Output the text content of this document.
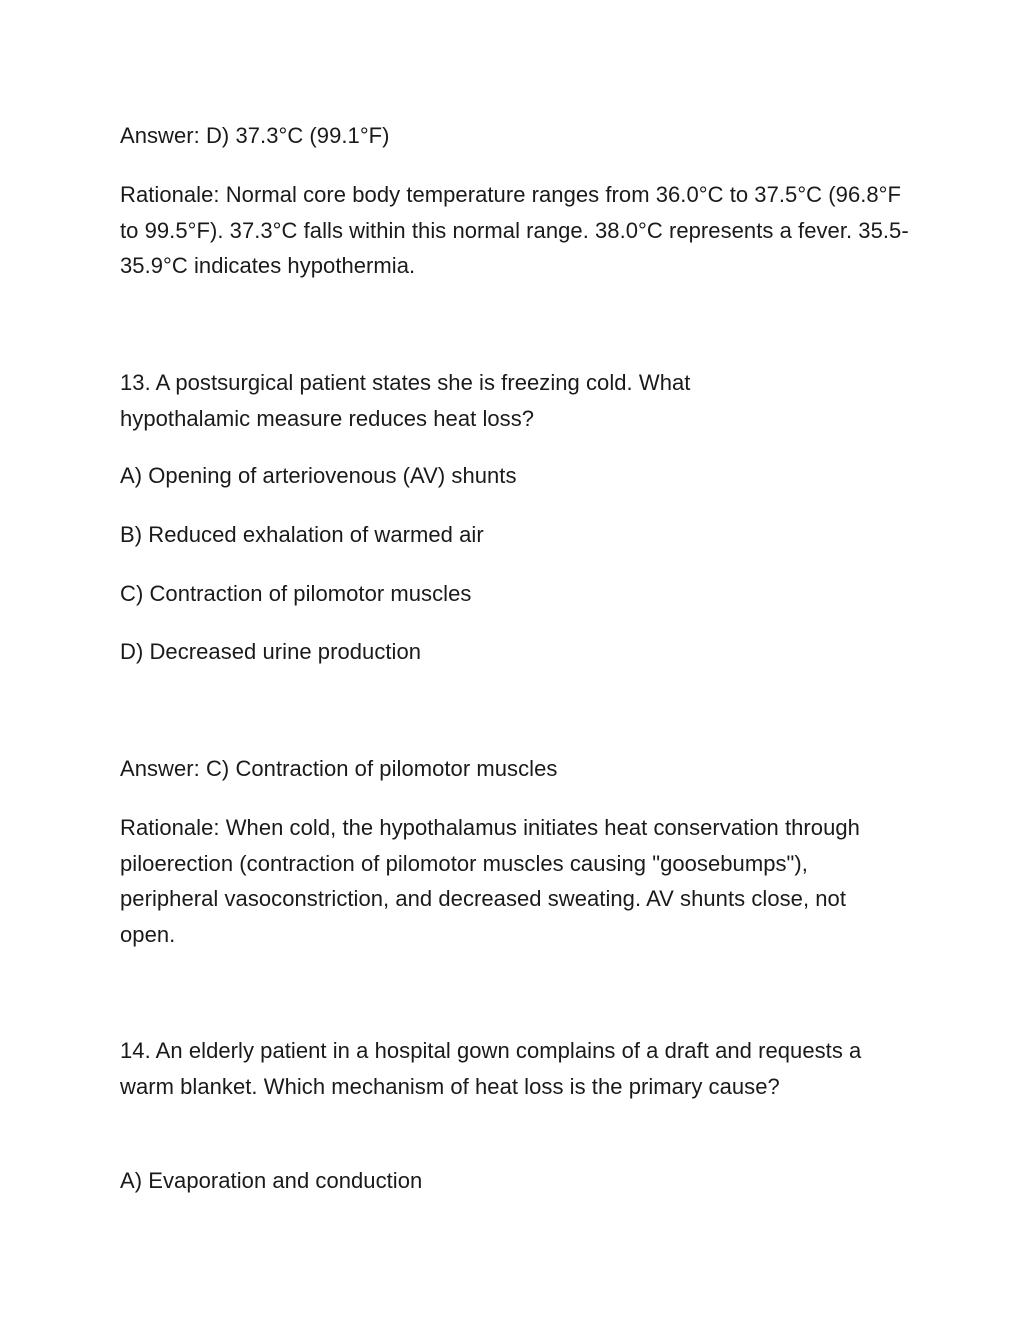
Answer: D) 37.3°C (99.1°F)

Rationale: Normal core body temperature ranges from 36.0°C to 37.5°C (96.8°F to 99.5°F). 37.3°C falls within this normal range. 38.0°C represents a fever. 35.5-35.9°C indicates hypothermia.

13. A postsurgical patient states she is freezing cold. What hypothalamic measure reduces heat loss?

A) Opening of arteriovenous (AV) shunts

B) Reduced exhalation of warmed air

C) Contraction of pilomotor muscles

D) Decreased urine production

Answer: C) Contraction of pilomotor muscles

Rationale: When cold, the hypothalamus initiates heat conservation through piloerection (contraction of pilomotor muscles causing "goosebumps"), peripheral vasoconstriction, and decreased sweating. AV shunts close, not open.

14. An elderly patient in a hospital gown complains of a draft and requests a warm blanket. Which mechanism of heat loss is the primary cause?

A) Evaporation and conduction
